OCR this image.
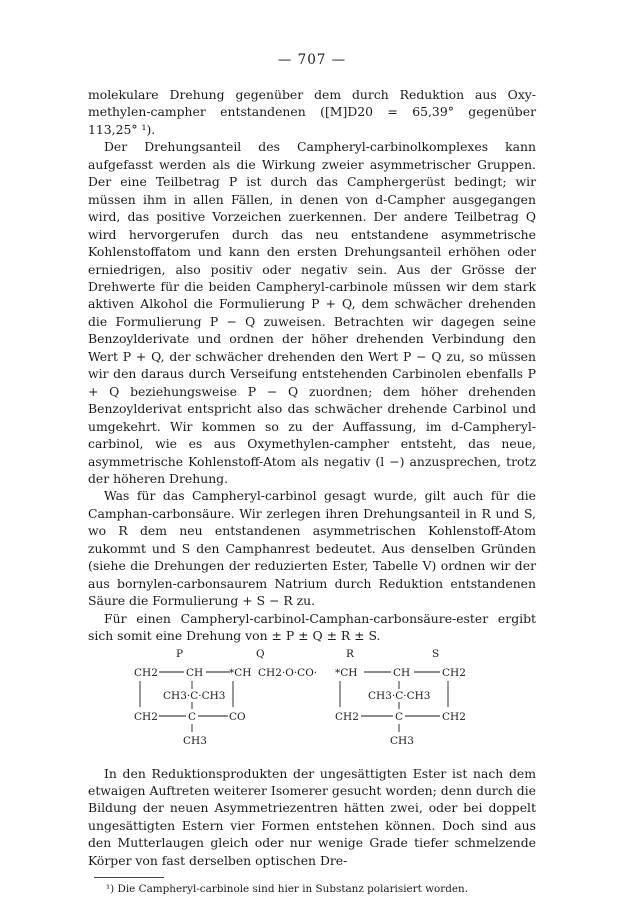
— 707 —

molekulare Drehung gegenüber dem durch Reduktion aus Oxy-methylen-campher entstandenen ([M]D20 = 65,39° gegenüber 113,25° ¹).

Der Drehungsanteil des Campheryl-carbinolkomplexes kann aufgefasst werden als die Wirkung zweier asymmetrischer Gruppen. Der eine Teilbetrag P ist durch das Camphergerüst bedingt; wir müssen ihm in allen Fällen, in denen von d-Campher ausgegangen wird, das positive Vorzeichen zuerkennen. Der andere Teilbetrag Q wird hervorgerufen durch das neu entstandene asymmetrische Kohlenstoffatom und kann den ersten Drehungsanteil erhöhen oder erniedrigen, also positiv oder negativ sein. Aus der Grösse der Drehwerte für die beiden Campheryl-carbinole müssen wir dem stark aktiven Alkohol die Formulierung P + Q, dem schwächer drehenden die Formulierung P − Q zuweisen. Betrachten wir dagegen seine Benzoylderivate und ordnen der höher drehenden Verbindung den Wert P + Q, der schwächer drehenden den Wert P − Q zu, so müssen wir den daraus durch Verseifung entstehenden Carbinolen ebenfalls P + Q beziehungsweise P − Q zuordnen; dem höher drehenden Benzoylderivat entspricht also das schwächer drehende Carbinol und umgekehrt. Wir kommen so zu der Auffassung, im d-Campheryl-carbinol, wie es aus Oxymethylen-campher entsteht, das neue, asymmetrische Kohlenstoff-Atom als negativ (l −) anzusprechen, trotz der höheren Drehung.

Was für das Campheryl-carbinol gesagt wurde, gilt auch für die Camphan-carbonsäure. Wir zerlegen ihren Drehungsanteil in R und S, wo R dem neu entstandenen asymmetrischen Kohlenstoff-Atom zukommt und S den Camphanrest bedeutet. Aus denselben Gründen (siehe die Drehungen der reduzierten Ester, Tabelle V) ordnen wir der aus bornylen-carbonsaurem Natrium durch Reduktion entstandenen Säure die Formulierung + S − R zu.

Für einen Campheryl-carbinol-Camphan-carbonsäure-ester ergibt sich somit eine Drehung von ± P ± Q ± R ± S.

P	Q	R	S
CH2	CH *CH CH2·O·CO· *CH	CH	CH2
CH3·C·CH3	CH3·C·CH3
CH2	C	CO	CH2	C	CH2
CH3	CH3

In den Reduktionsprodukten der ungesättigten Ester ist nach dem etwaigen Auftreten weiterer Isomerer gesucht worden; denn durch die Bildung der neuen Asymmetriezentren hätten zwei, oder bei doppelt ungesättigten Estern vier Formen entstehen können. Doch sind aus den Mutterlaugen gleich oder nur wenige Grade tiefer schmelzende Körper von fast derselben optischen Dre-

¹) Die Campheryl-carbinole sind hier in Substanz polarisiert worden.
